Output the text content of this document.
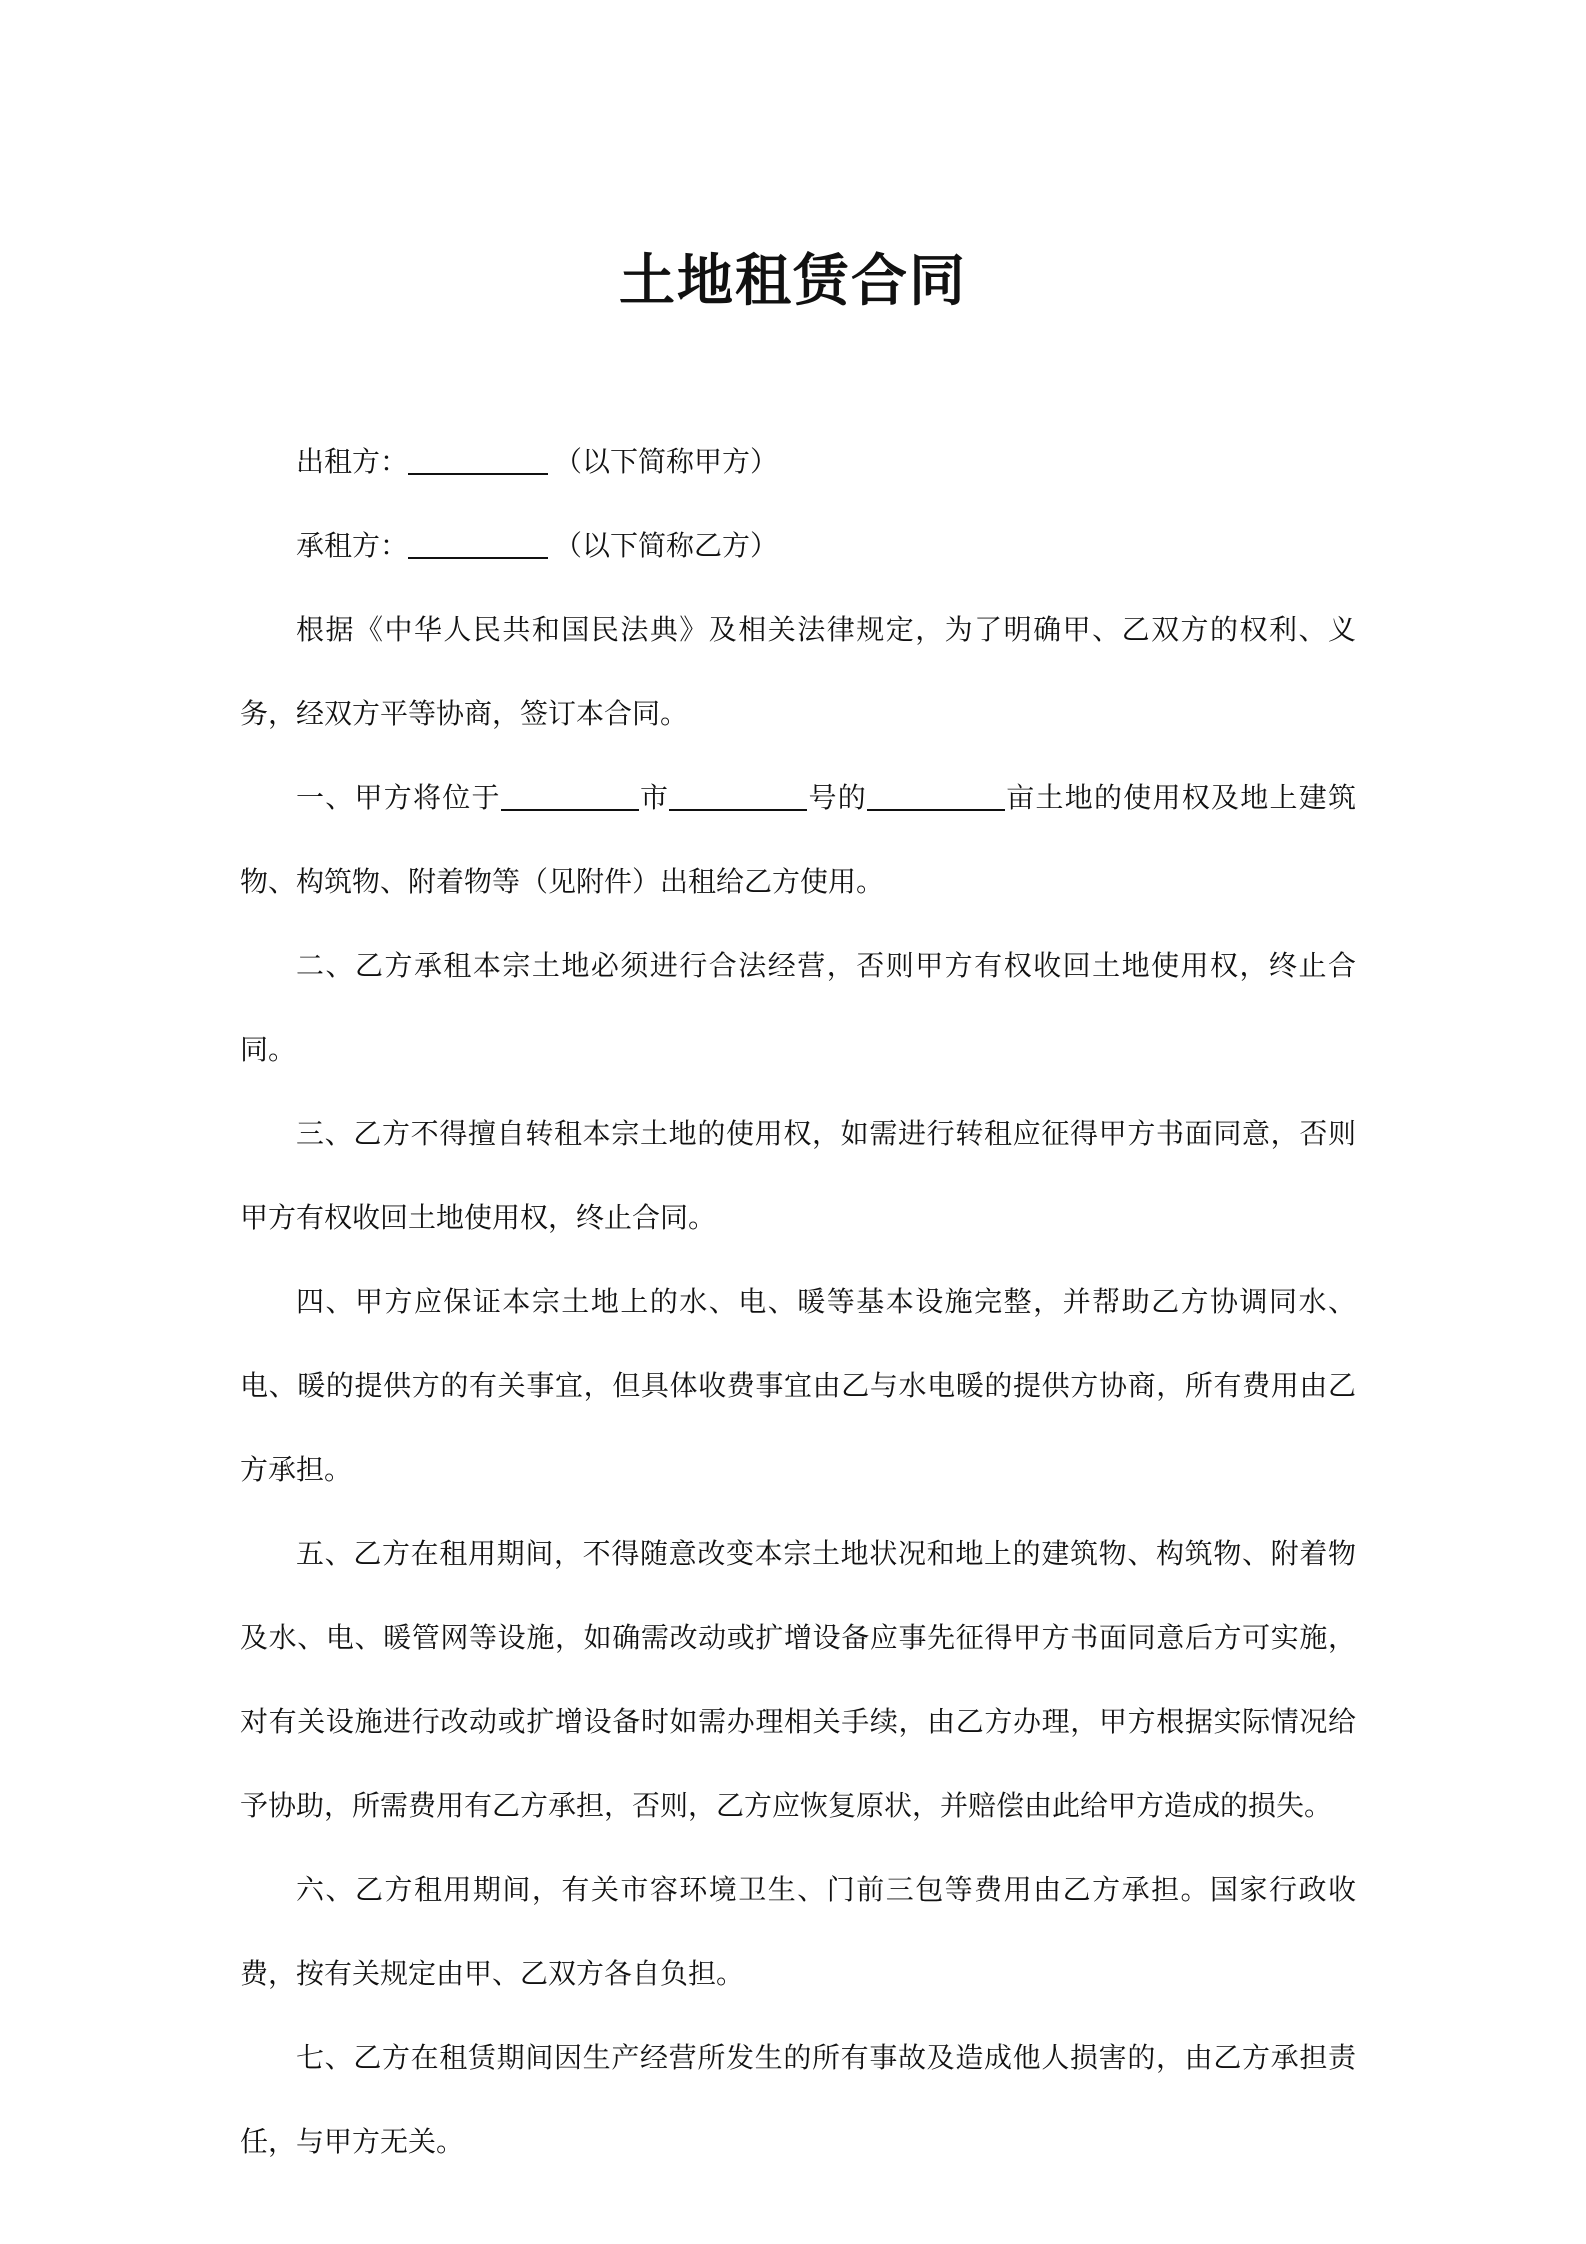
土地租赁合同

出租方：	（以下简称甲方）

承租方：	（以下简称乙方）

根据《中华人民共和国民法典》及相关法律规定，为了明确甲、乙双方的权利、义务，经双方平等协商，签订本合同。

一、甲方将位于	市	号的	亩土地的使用权及地上建筑物、构筑物、附着物等（见附件）出租给乙方使用。

二、乙方承租本宗土地必须进行合法经营，否则甲方有权收回土地使用权，终止合同。

三、乙方不得擅自转租本宗土地的使用权，如需进行转租应征得甲方书面同意，否则甲方有权收回土地使用权，终止合同。

四、甲方应保证本宗土地上的水、电、暖等基本设施完整，并帮助乙方协调同水、电、暖的提供方的有关事宜，但具体收费事宜由乙与水电暖的提供方协商，所有费用由乙方承担。

五、乙方在租用期间，不得随意改变本宗土地状况和地上的建筑物、构筑物、附着物及水、电、暖管网等设施，如确需改动或扩增设备应事先征得甲方书面同意后方可实施，对有关设施进行改动或扩增设备时如需办理相关手续，由乙方办理，甲方根据实际情况给予协助，所需费用有乙方承担，否则，乙方应恢复原状，并赔偿由此给甲方造成的损失。

六、乙方租用期间，有关市容环境卫生、门前三包等费用由乙方承担。国家行政收费，按有关规定由甲、乙双方各自负担。

七、乙方在租赁期间因生产经营所发生的所有事故及造成他人损害的，由乙方承担责任，与甲方无关。
